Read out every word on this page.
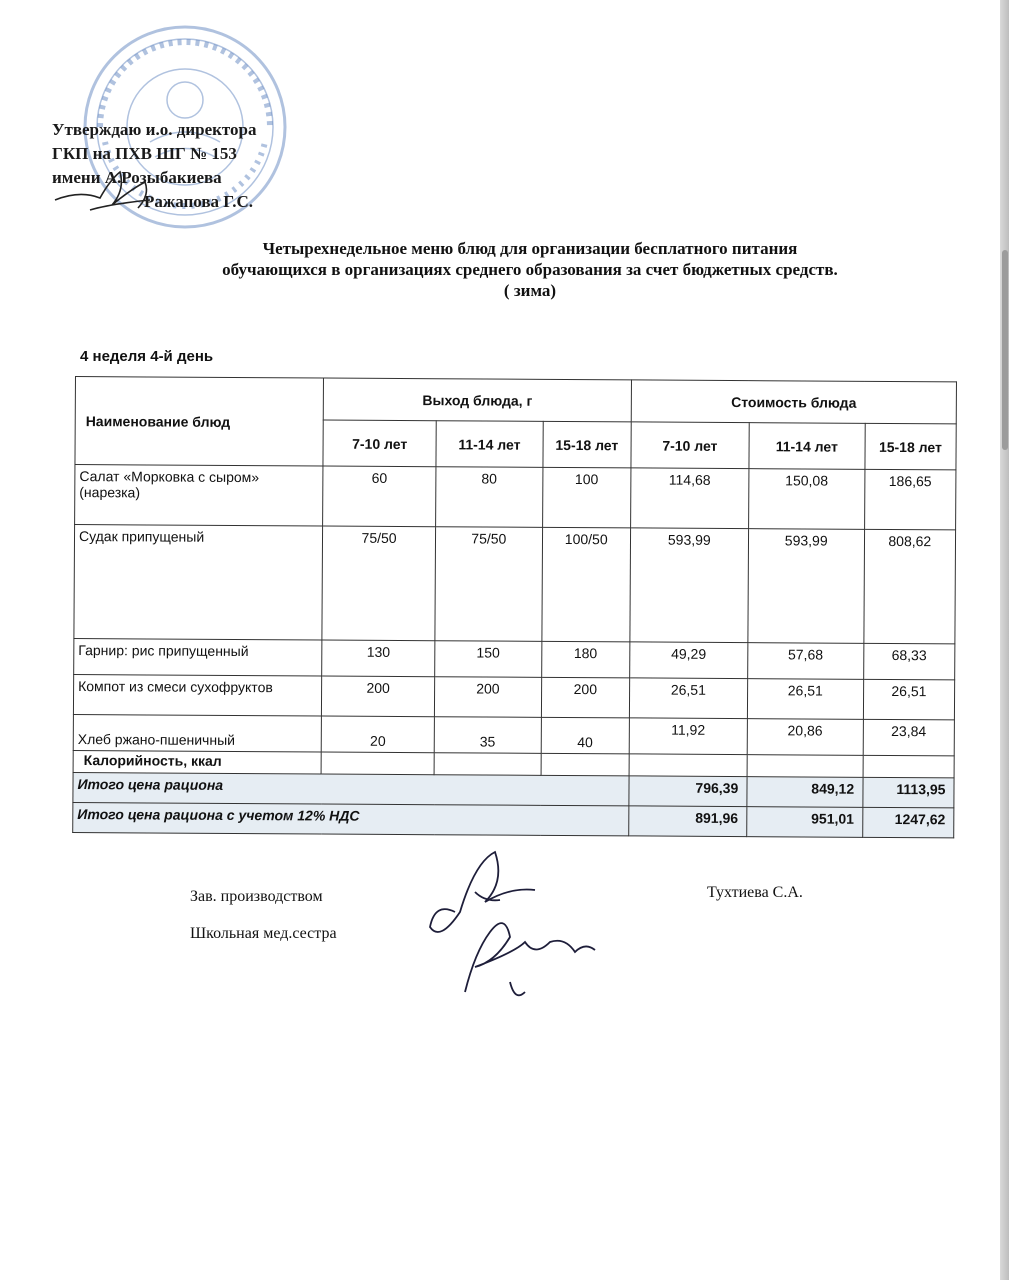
Утверждаю и.о. директора
ГКП на ПХВ ШГ № 153
имени А.Розыбакиева
Ражапова Г.С.
Четырехнедельное меню блюд для организации бесплатного питания
обучающихся в организациях среднего образования за счет бюджетных средств.
( зима)
4 неделя 4-й день
Наименование блюд	Выход блюда, г			Стоимость блюда		
	7-10 лет	11-14 лет	15-18 лет	7-10 лет	11-14 лет	15-18 лет
Салат «Морковка с сыром» (нарезка)	60	80	100	114,68	150,08	186,65
Судак припущеный	75/50	75/50	100/50	593,99	593,99	808,62
Гарнир: рис припущенный	130	150	180	49,29	57,68	68,33
Компот из смеси сухофруктов	200	200	200	26,51	26,51	26,51
Хлеб ржано-пшеничный	20	35	40	11,92	20,86	23,84
Калорийность, ккал						
Итого цена рациона				796,39	849,12	1113,95
Итого цена рациона с учетом 12% НДС				891,96	951,01	1247,62
Зав. производством	Тухтиева С.А.
Школьная мед.сестра
